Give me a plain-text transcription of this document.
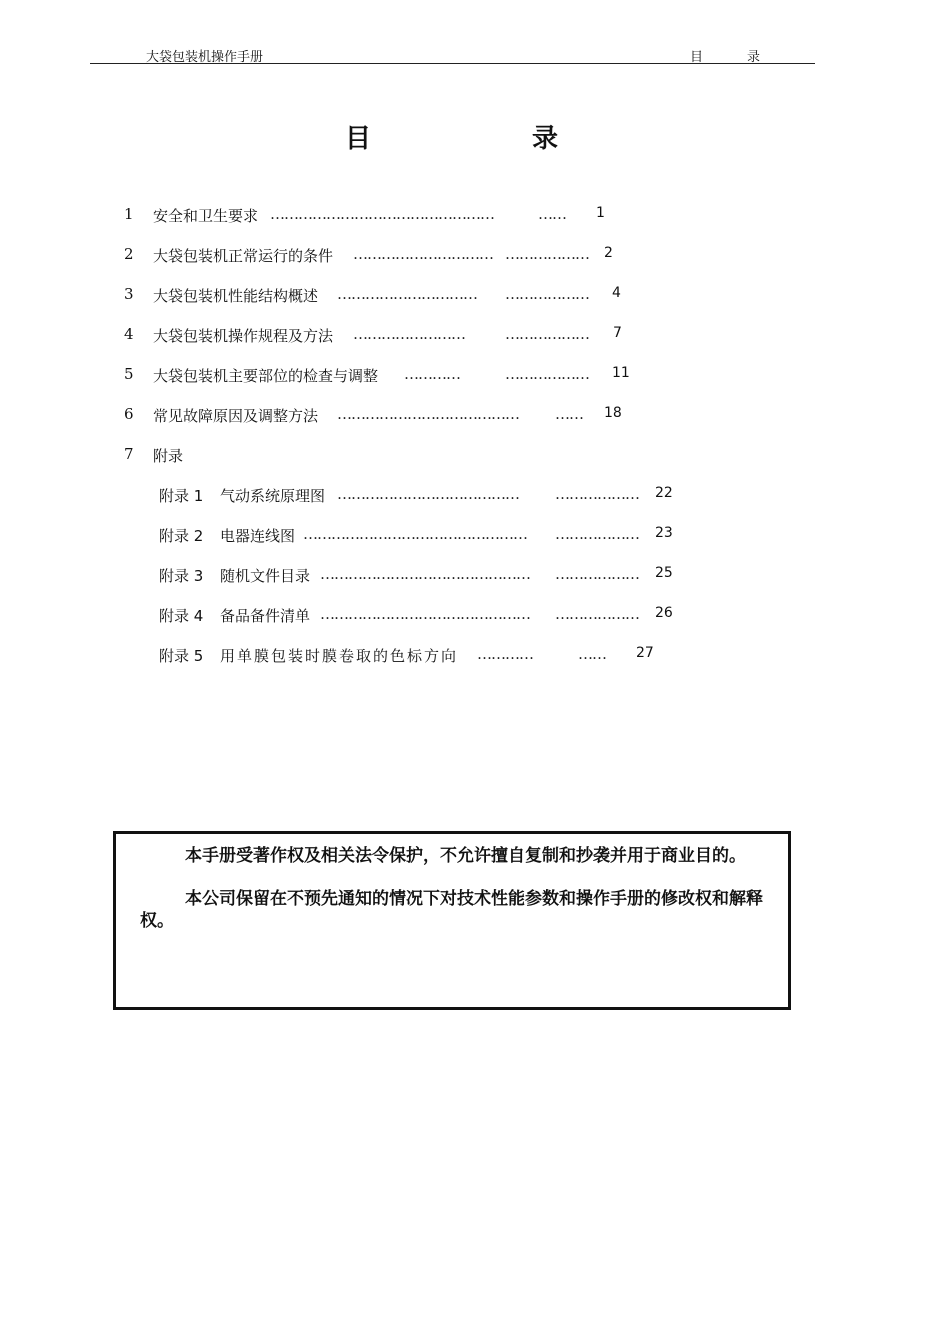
大袋包装机操作手册	目	录
目	录
1 安全和卫生要求 …………………………………………	…… 1
2 大袋包装机正常运行的条件 ………………………… ……………… 2
3 大袋包装机性能结构概述 ………………………… ……………… 4
4 大袋包装机操作规程及方法 ……………………	……………… 7
5 大袋包装机主要部位的检查与调整 …………	……………… 11
6 常见故障原因及调整方法 ………………………………… …… 18
7 附录
附录 1 气动系统原理图 ………………………………… ……………… 22
附录 2 电器连线图 ………………………………………… ……………… 23
附录 3 随机文件目录 ……………………………………… ……………… 25
附录 4 备品备件清单 ……………………………………… ……………… 26
附录 5 用单膜包装时膜卷取的色标方向 …………	…… 27

本手册受著作权及相关法令保护，不允许擅自复制和抄袭并用于商业目的。

本公司保留在不预先通知的情况下对技术性能参数和操作手册的修改权和解释权。
